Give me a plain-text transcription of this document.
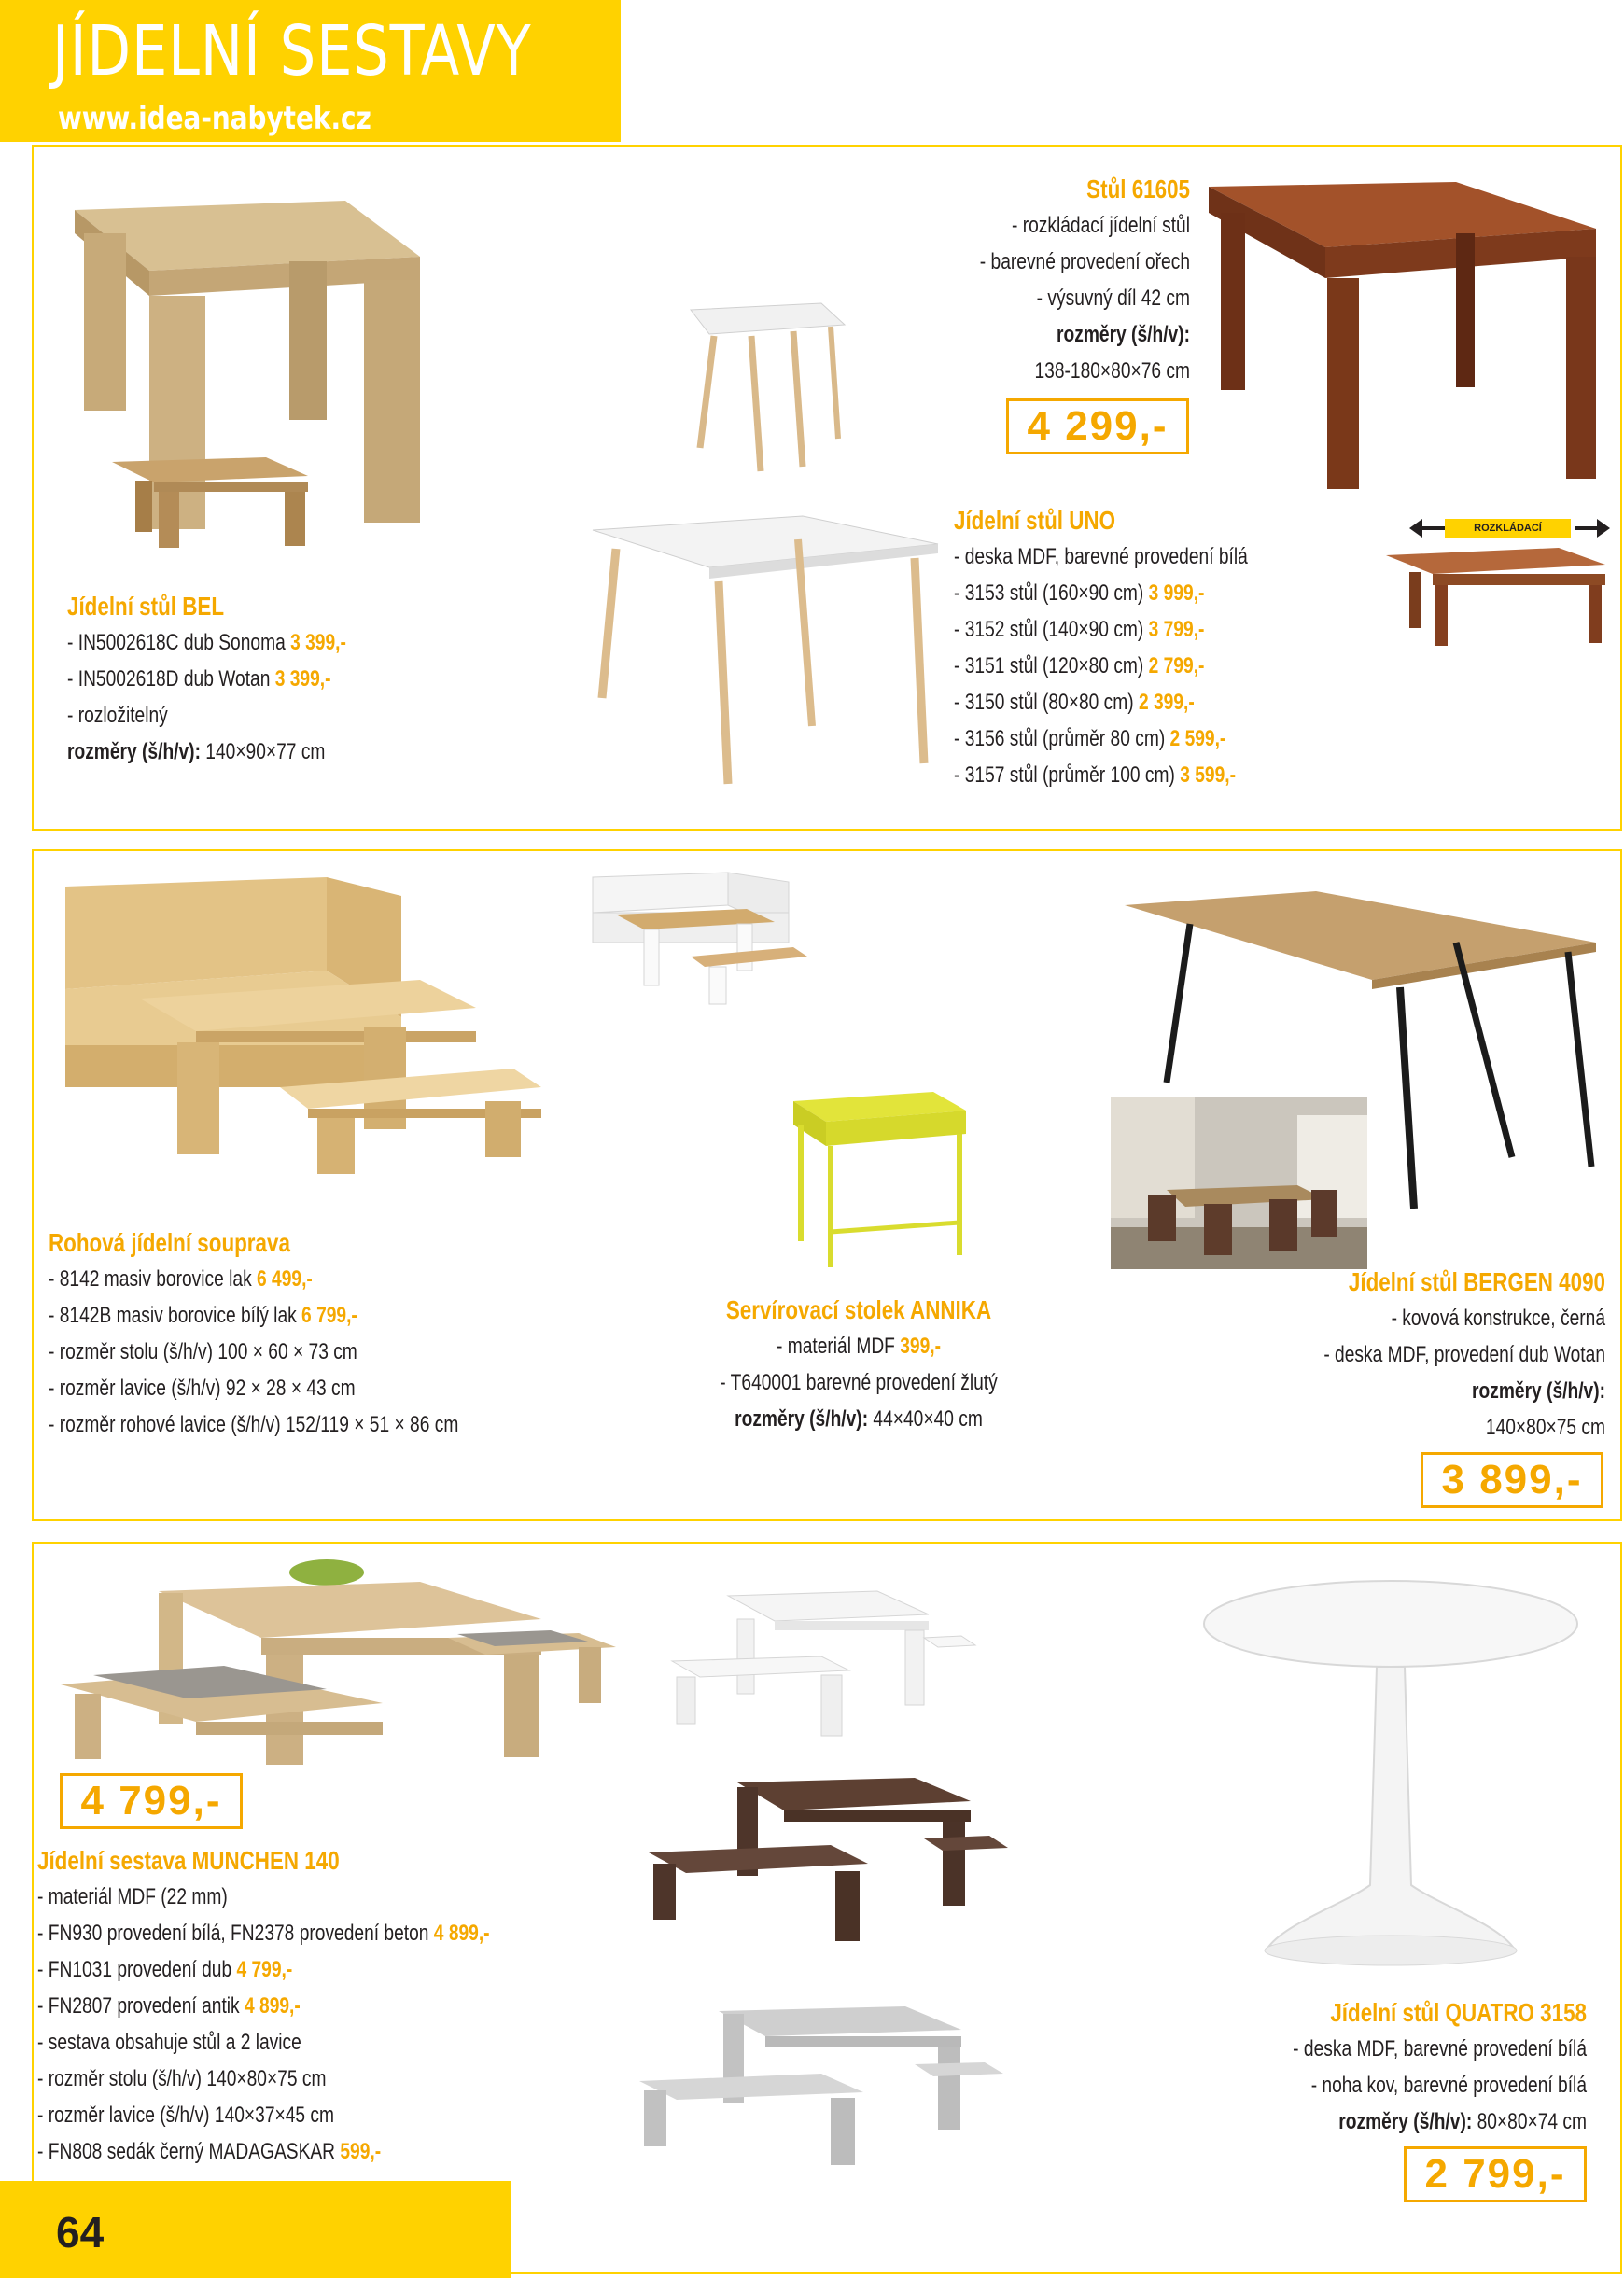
JÍDELNÍ SESTAVY
www.idea-nabytek.cz
ROZKLÁDACÍ
Jídelní stůl BEL
- IN5002618C dub Sonoma 3 399,-
- IN5002618D dub Wotan 3 399,-
- rozložitelný
rozměry (š/h/v): 140×90×77 cm
Stůl 61605
- rozkládací jídelní stůl
- barevné provedení ořech
- výsuvný díl 42 cm
rozměry (š/h/v):
138-180×80×76 cm
4 299,-
Jídelní stůl UNO
- deska MDF, barevné provedení bílá
- 3153 stůl (160×90 cm) 3 999,-
- 3152 stůl (140×90 cm) 3 799,-
- 3151 stůl (120×80 cm) 2 799,-
- 3150 stůl (80×80 cm) 2 399,-
- 3156 stůl (průměr 80 cm) 2 599,-
- 3157 stůl (průměr 100 cm) 3 599,-
Rohová jídelní souprava
- 8142 masiv borovice lak 6 499,-
- 8142B masiv borovice bílý lak 6 799,-
- rozměr stolu (š/h/v) 100 × 60 × 73 cm
- rozměr lavice (š/h/v) 92 × 28 × 43 cm
- rozměr rohové lavice (š/h/v) 152/119 × 51 × 86 cm
Servírovací stolek ANNIKA
- materiál MDF 399,-
- T640001 barevné provedení žlutý
rozměry (š/h/v): 44×40×40 cm
Jídelní stůl BERGEN 4090
- kovová konstrukce, černá
- deska MDF, provedení dub Wotan
rozměry (š/h/v):
140×80×75 cm
3 899,-
4 799,-
Jídelní sestava MUNCHEN 140
- materiál MDF (22 mm)
- FN930 provedení bílá, FN2378 provedení beton 4 899,-
- FN1031 provedení dub 4 799,-
- FN2807 provedení antik 4 899,-
- sestava obsahuje stůl a 2 lavice
- rozměr stolu (š/h/v) 140×80×75 cm
- rozměr lavice (š/h/v) 140×37×45 cm
- FN808 sedák černý MADAGASKAR 599,-
Jídelní stůl QUATRO 3158
- deska MDF, barevné provedení bílá
- noha kov, barevné provedení bílá
rozměry (š/h/v): 80×80×74 cm
2 799,-
64
